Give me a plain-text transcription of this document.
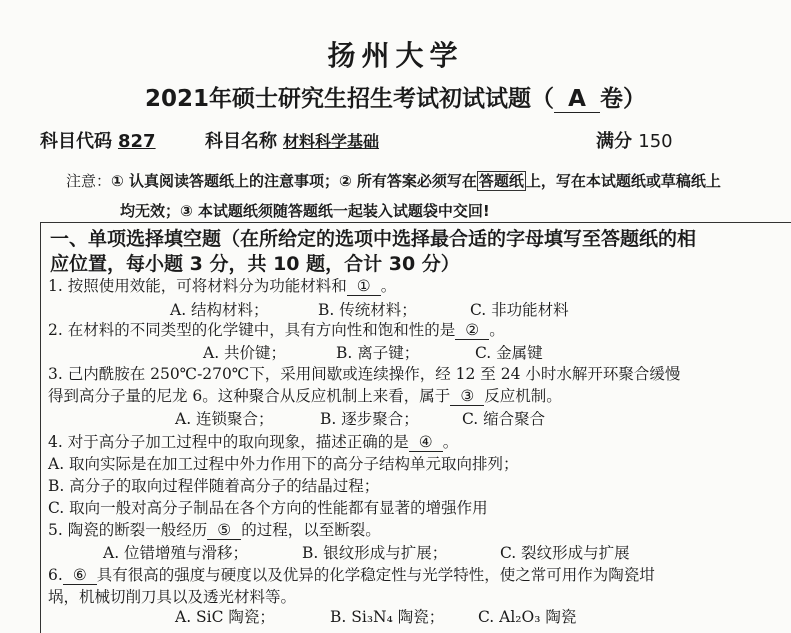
扬州大学
2021年硕士研究生招生考试初试试题（ A 卷）
科目代码 827	科目名称 材料科学基础	满分 150
注意：① 认真阅读答题纸上的注意事项；② 所有答案必须写在 答题纸 上，写在本试题纸或草稿纸上
均无效；③ 本试题纸须随答题纸一起装入试题袋中交回!
一、单项选择填空题（在所给定的选项中选择最合适的字母填写至答题纸的相
应位置，每小题 3 分，共 10 题，合计 30 分）
1. 按照使用效能，可将材料分为功能材料和 ① 。
A. 结构材料；	B. 传统材料；	C. 非功能材料
2. 在材料的不同类型的化学键中，具有方向性和饱和性的是 ② 。
A. 共价键；	B. 离子键；	C. 金属键
3. 己内酰胺在 250℃-270℃下，采用间歇或连续操作，经 12 至 24 小时水解开环聚合缓慢
得到高分子量的尼龙 6。这种聚合从反应机制上来看，属于 ③ 反应机制。
A. 连锁聚合；	B. 逐步聚合；	C. 缩合聚合
4. 对于高分子加工过程中的取向现象，描述正确的是 ④ 。
A. 取向实际是在加工过程中外力作用下的高分子结构单元取向排列；
B. 高分子的取向过程伴随着高分子的结晶过程；
C. 取向一般对高分子制品在各个方向的性能都有显著的增强作用
5. 陶瓷的断裂一般经历 ⑤ 的过程，以至断裂。
A. 位错增殖与滑移；	B. 银纹形成与扩展；	C. 裂纹形成与扩展
6. ⑥ 具有很高的强度与硬度以及优异的化学稳定性与光学特性，使之常可用作为陶瓷坩
埚，机械切削刀具以及透光材料等。
A. SiC 陶瓷；	B. Si₃N₄ 陶瓷； C. Al₂O₃ 陶瓷
